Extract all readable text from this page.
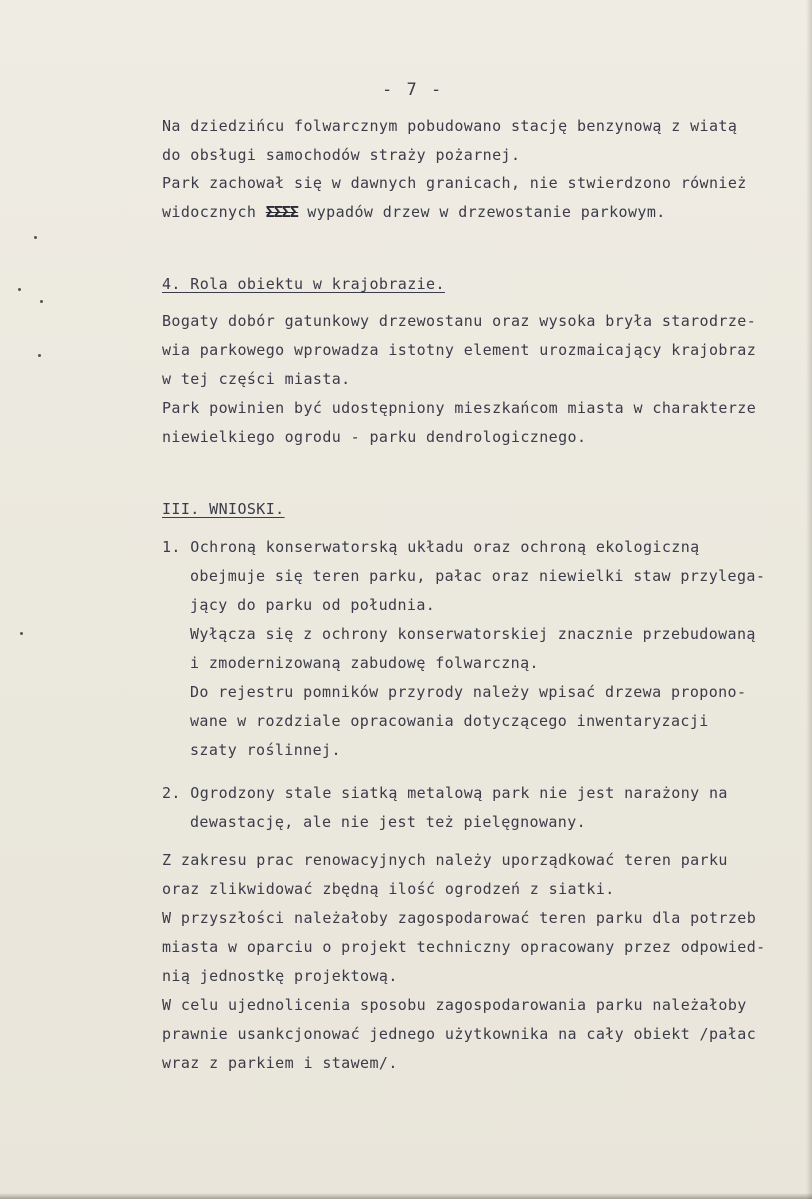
- 7 -
Na dziedzińcu folwarcznym pobudowano stację benzynową z wiatą
do obsługi samochodów straży pożarnej.
Park zachował się w dawnych granicach, nie stwierdzono również
widocznych ΣΣΣΣ wypadów drzew w drzewostanie parkowym.
4. Rola obiektu w krajobrazie.
Bogaty dobór gatunkowy drzewostanu oraz wysoka bryła starodrze-
wia parkowego wprowadza istotny element urozmaicający krajobraz
w tej części miasta.
Park powinien być udostępniony mieszkańcom miasta w charakterze
niewielkiego ogrodu - parku dendrologicznego.
III. WNIOSKI.
1. Ochroną konserwatorską układu oraz ochroną ekologiczną
obejmuje się teren parku, pałac oraz niewielki staw przylega-
jący do parku od południa.
Wyłącza się z ochrony konserwatorskiej znacznie przebudowaną
i zmodernizowaną zabudowę folwarczną.
Do rejestru pomników przyrody należy wpisać drzewa propono-
wane w rozdziale opracowania dotyczącego inwentaryzacji
szaty roślinnej.
2. Ogrodzony stale siatką metalową park nie jest narażony na
dewastację, ale nie jest też pielęgnowany.
Z zakresu prac renowacyjnych należy uporządkować teren parku
oraz zlikwidować zbędną ilość ogrodzeń z siatki.
W przyszłości należałoby zagospodarować teren parku dla potrzeb
miasta w oparciu o projekt techniczny opracowany przez odpowied-
nią jednostkę projektową.
W celu ujednolicenia sposobu zagospodarowania parku należałoby
prawnie usankcjonować jednego użytkownika na cały obiekt /pałac
wraz z parkiem i stawem/.
